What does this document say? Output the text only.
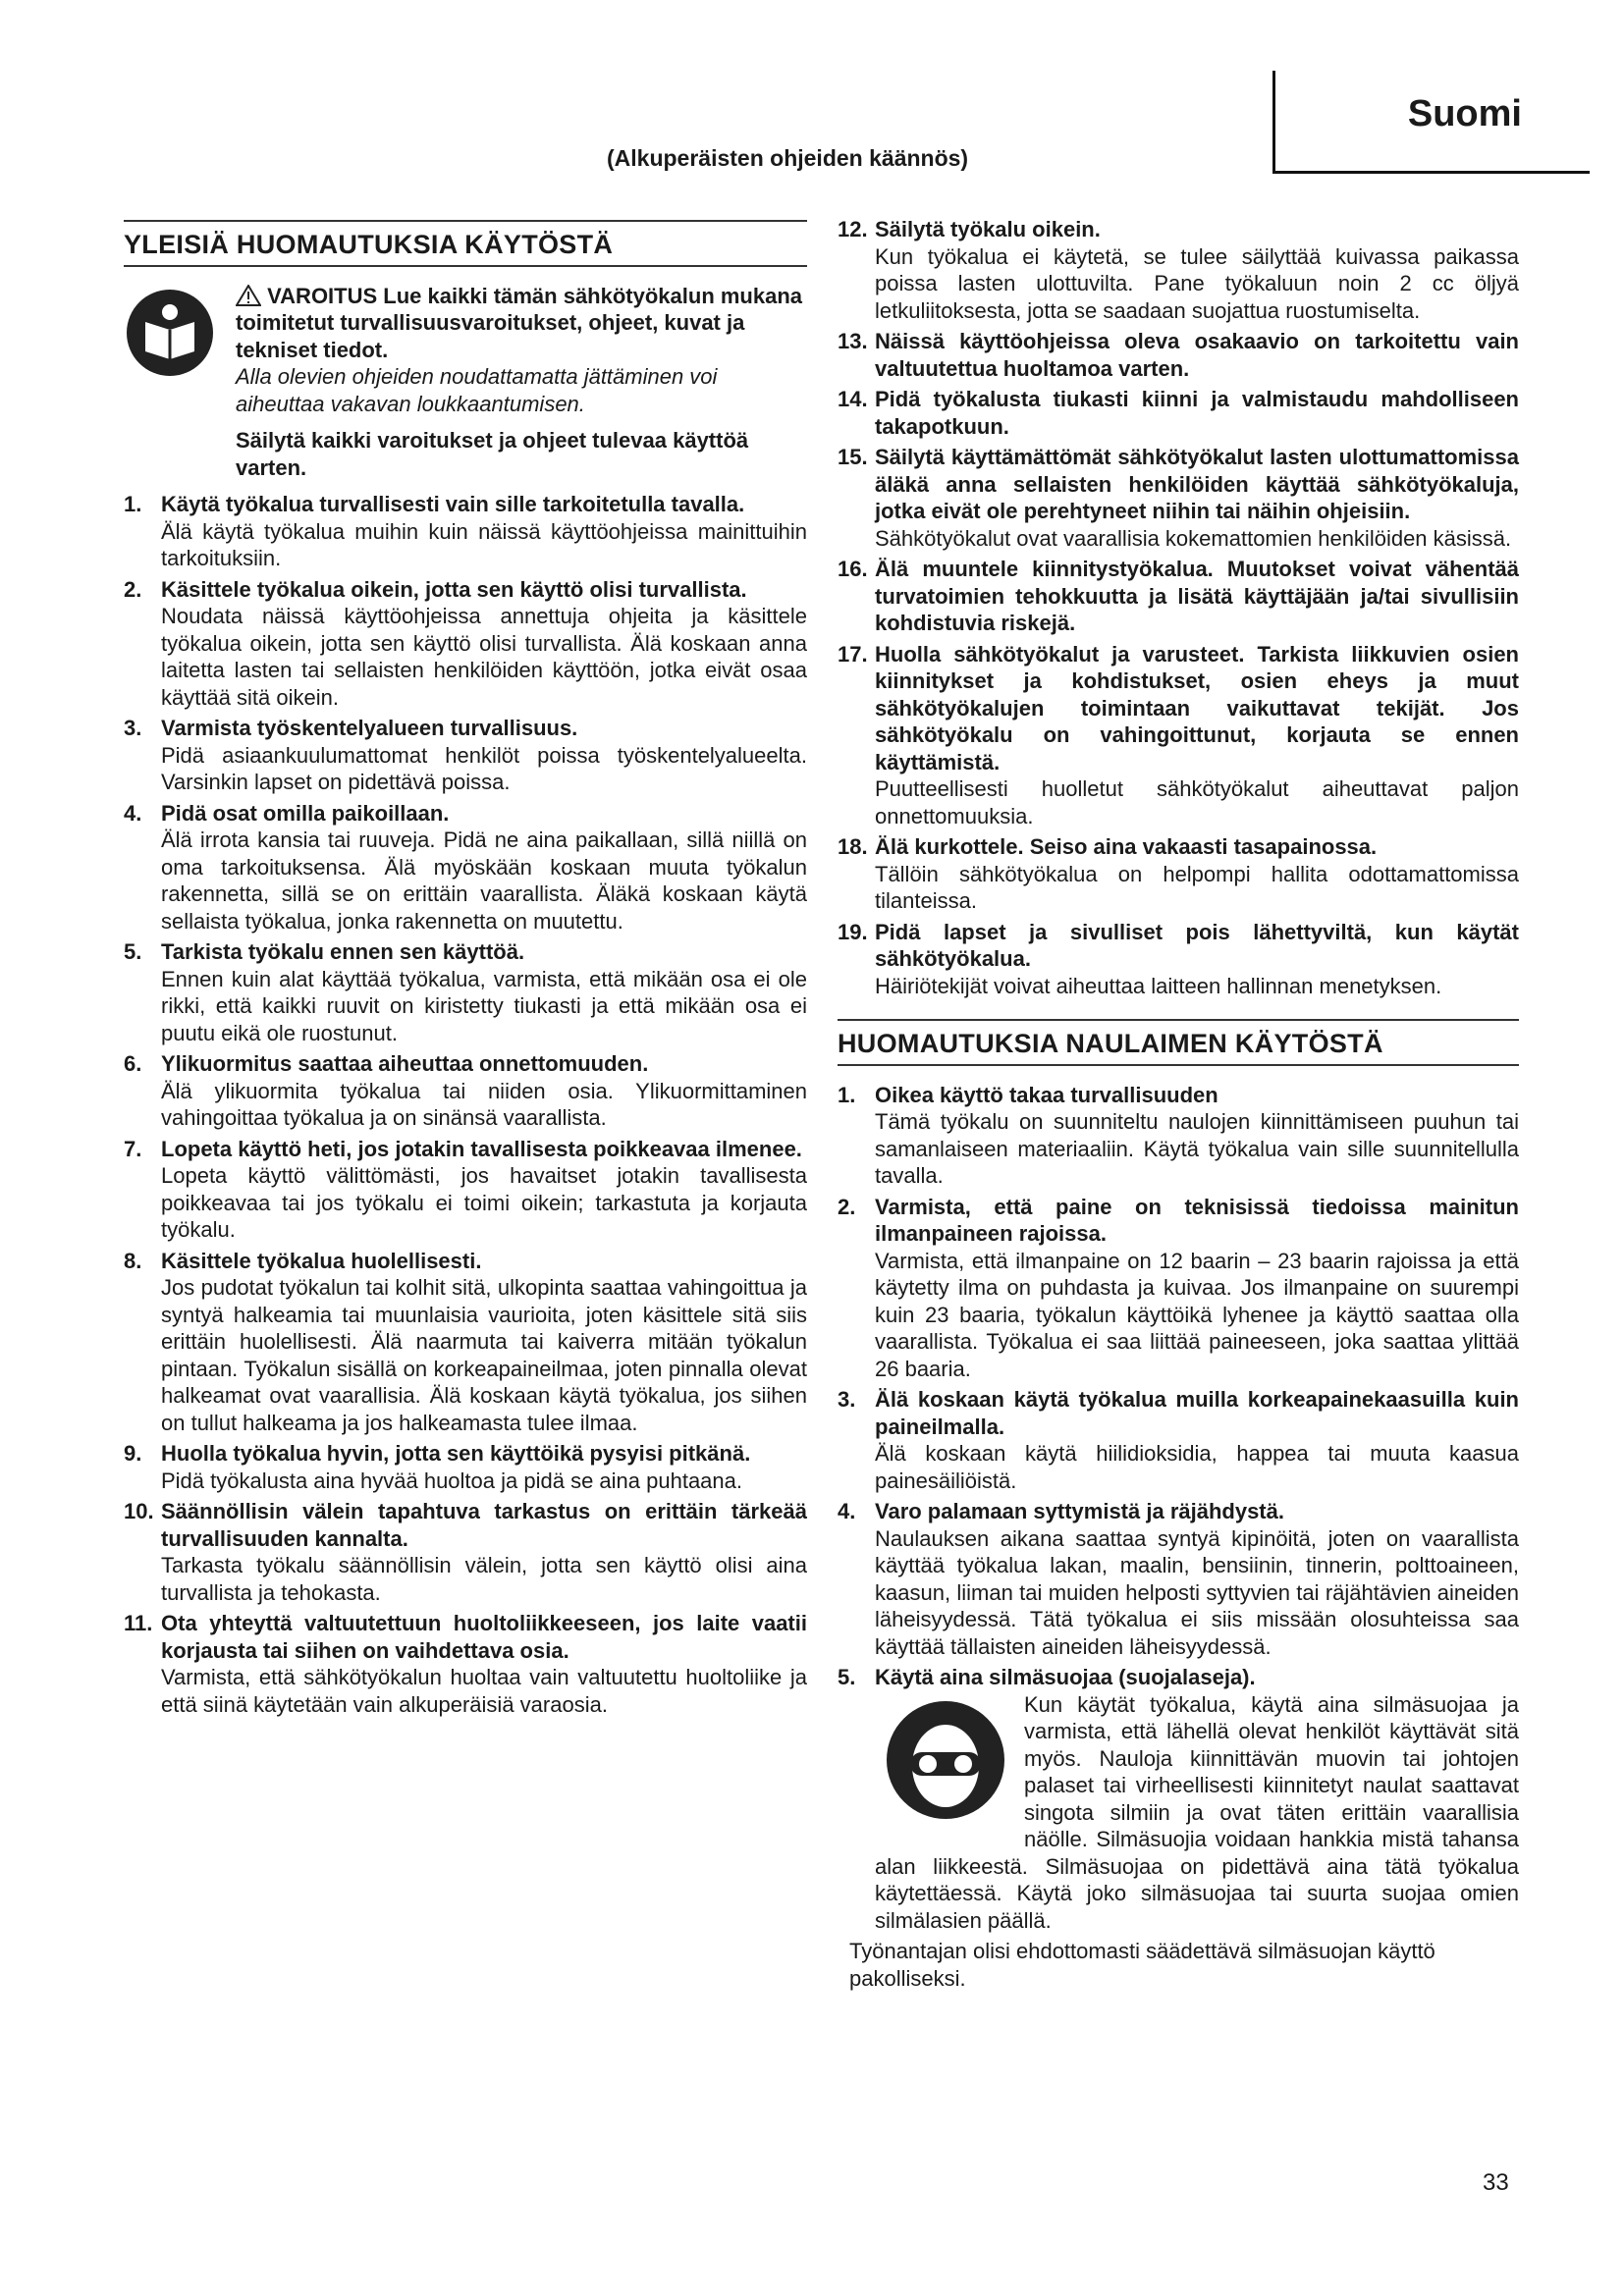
Suomi
(Alkuperäisten ohjeiden käännös)
YLEISIÄ HUOMAUTUKSIA KÄYTÖSTÄ

VAROITUS Lue kaikki tämän sähkötyökalun mukana toimitetut turvallisuusvaroitukset, ohjeet, kuvat ja tekniset tiedot.
Alla olevien ohjeiden noudattamatta jättäminen voi aiheuttaa vakavan loukkaantumisen.

Säilytä kaikki varoitukset ja ohjeet tulevaa käyttöä varten.

1. Käytä työkalua turvallisesti vain sille tarkoitetulla tavalla.
Älä käytä työkalua muihin kuin näissä käyttöohjeissa mainittuihin tarkoituksiin.
2. Käsittele työkalua oikein, jotta sen käyttö olisi turvallista.
Noudata näissä käyttöohjeissa annettuja ohjeita ja käsittele työkalua oikein, jotta sen käyttö olisi turvallista. Älä koskaan anna laitetta lasten tai sellaisten henkilöiden käyttöön, jotka eivät osaa käyttää sitä oikein.
3. Varmista työskentelyalueen turvallisuus.
Pidä asiaankuulumattomat henkilöt poissa työskentelyalueelta. Varsinkin lapset on pidettävä poissa.
4. Pidä osat omilla paikoillaan.
Älä irrota kansia tai ruuveja. Pidä ne aina paikallaan, sillä niillä on oma tarkoituksensa. Älä myöskään koskaan muuta työkalun rakennetta, sillä se on erittäin vaarallista. Äläkä koskaan käytä sellaista työkalua, jonka rakennetta on muutettu.
5. Tarkista työkalu ennen sen käyttöä.
Ennen kuin alat käyttää työkalua, varmista, että mikään osa ei ole rikki, että kaikki ruuvit on kiristetty tiukasti ja että mikään osa ei puutu eikä ole ruostunut.
6. Ylikuormitus saattaa aiheuttaa onnettomuuden.
Älä ylikuormita työkalua tai niiden osia. Ylikuormittaminen vahingoittaa työkalua ja on sinänsä vaarallista.
7. Lopeta käyttö heti, jos jotakin tavallisesta poikkeavaa ilmenee.
Lopeta käyttö välittömästi, jos havaitset jotakin tavallisesta poikkeavaa tai jos työkalu ei toimi oikein; tarkastuta ja korjauta työkalu.
8. Käsittele työkalua huolellisesti.
Jos pudotat työkalun tai kolhit sitä, ulkopinta saattaa vahingoittua ja syntyä halkeamia tai muunlaisia vaurioita, joten käsittele sitä siis erittäin huolellisesti. Älä naarmuta tai kaiverra mitään työkalun pintaan. Työkalun sisällä on korkeapaineilmaa, joten pinnalla olevat halkeamat ovat vaarallisia. Älä koskaan käytä työkalua, jos siihen on tullut halkeama ja jos halkeamasta tulee ilmaa.
9. Huolla työkalua hyvin, jotta sen käyttöikä pysyisi pitkänä.
Pidä työkalusta aina hyvää huoltoa ja pidä se aina puhtaana.
10. Säännöllisin välein tapahtuva tarkastus on erittäin tärkeää turvallisuuden kannalta.
Tarkasta työkalu säännöllisin välein, jotta sen käyttö olisi aina turvallista ja tehokasta.
11. Ota yhteyttä valtuutettuun huoltoliikkeeseen, jos laite vaatii korjausta tai siihen on vaihdettava osia.
Varmista, että sähkötyökalun huoltaa vain valtuutettu huoltoliike ja että siinä käytetään vain alkuperäisiä varaosia.
12. Säilytä työkalu oikein.
Kun työkalua ei käytetä, se tulee säilyttää kuivassa paikassa poissa lasten ulottuvilta. Pane työkaluun noin 2 cc öljyä letkuliitoksesta, jotta se saadaan suojattua ruostumiselta.
13. Näissä käyttöohjeissa oleva osakaavio on tarkoitettu vain valtuutettua huoltamoa varten.
14. Pidä työkalusta tiukasti kiinni ja valmistaudu mahdolliseen takapotkuun.
15. Säilytä käyttämättömät sähkötyökalut lasten ulottumattomissa äläkä anna sellaisten henkilöiden käyttää sähkötyökaluja, jotka eivät ole perehtyneet niihin tai näihin ohjeisiin.
Sähkötyökalut ovat vaarallisia kokemattomien henkilöiden käsissä.
16. Älä muuntele kiinnitystyökalua. Muutokset voivat vähentää turvatoimien tehokkuutta ja lisätä käyttäjään ja/tai sivullisiin kohdistuvia riskejä.
17. Huolla sähkötyökalut ja varusteet. Tarkista liikkuvien osien kiinnitykset ja kohdistukset, osien eheys ja muut sähkötyökalujen toimintaan vaikuttavat tekijät. Jos sähkötyökalu on vahingoittunut, korjauta se ennen käyttämistä.
Puutteellisesti huolletut sähkötyökalut aiheuttavat paljon onnettomuuksia.
18. Älä kurkottele. Seiso aina vakaasti tasapainossa.
Tällöin sähkötyökalua on helpompi hallita odottamattomissa tilanteissa.
19. Pidä lapset ja sivulliset pois lähettyviltä, kun käytät sähkötyökalua.
Häiriötekijät voivat aiheuttaa laitteen hallinnan menetyksen.
HUOMAUTUKSIA NAULAIMEN KÄYTÖSTÄ
1. Oikea käyttö takaa turvallisuuden
Tämä työkalu on suunniteltu naulojen kiinnittämiseen puuhun tai samanlaiseen materiaaliin. Käytä työkalua vain sille suunnitellulla tavalla.
2. Varmista, että paine on teknisissä tiedoissa mainitun ilmanpaineen rajoissa.
Varmista, että ilmanpaine on 12 baarin – 23 baarin rajoissa ja että käytetty ilma on puhdasta ja kuivaa. Jos ilmanpaine on suurempi kuin 23 baaria, työkalun käyttöikä lyhenee ja käyttö saattaa olla vaarallista. Työkalua ei saa liittää paineeseen, joka saattaa ylittää 26 baaria.
3. Älä koskaan käytä työkalua muilla korkeapainekaasuilla kuin paineilmalla.
Älä koskaan käytä hiilidioksidia, happea tai muuta kaasua painesäiliöistä.
4. Varo palamaan syttymistä ja räjähdystä.
Naulauksen aikana saattaa syntyä kipinöitä, joten on vaarallista käyttää työkalua lakan, maalin, bensiinin, tinnerin, polttoaineen, kaasun, liiman tai muiden helposti syttyvien tai räjähtävien aineiden läheisyydessä. Tätä työkalua ei siis missään olosuhteissa saa käyttää tällaisten aineiden läheisyydessä.
5. Käytä aina silmäsuojaa (suojalaseja).
Kun käytät työkalua, käytä aina silmäsuojaa ja varmista, että lähellä olevat henkilöt käyttävät sitä myös. Nauloja kiinnittävän muovin tai johtojen palaset tai virheellisesti kiinnitetyt naulat saattavat singota silmiin ja ovat täten erittäin vaarallisia näölle. Silmäsuojia voidaan hankkia mistä tahansa alan liikkeestä. Silmäsuojaa on pidettävä aina tätä työkalua käytettäessä. Käytä joko silmäsuojaa tai suurta suojaa omien silmälasien päällä.
Työnantajan olisi ehdottomasti säädettävä silmäsuojan käyttö pakolliseksi.
33
